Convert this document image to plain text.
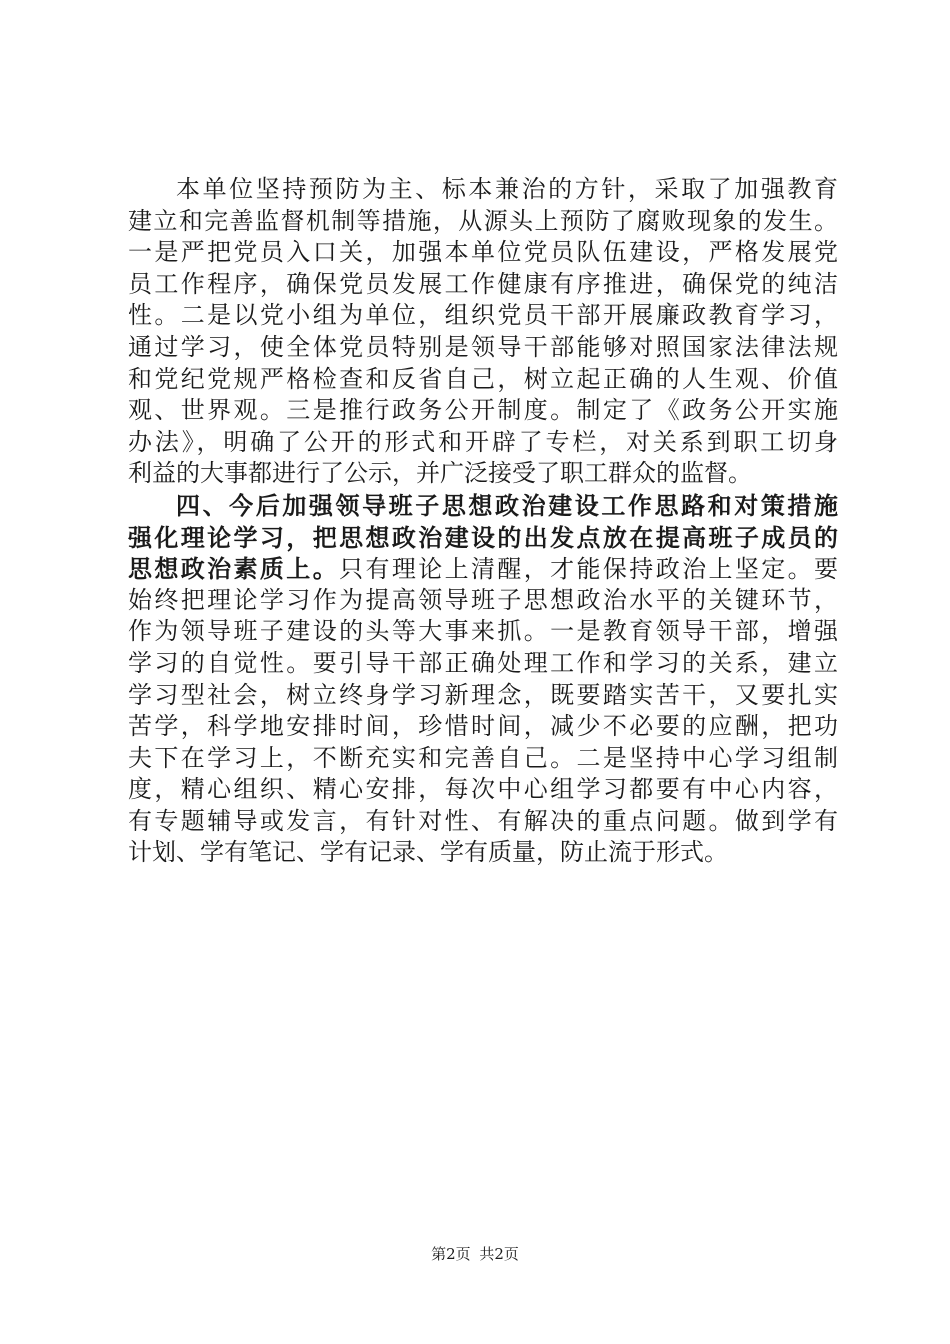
本单位坚持预防为主、标本兼治的方针，采取了加强教育
建立和完善监督机制等措施，从源头上预防了腐败现象的发生。
一是严把党员入口关，加强本单位党员队伍建设，严格发展党
员工作程序，确保党员发展工作健康有序推进，确保党的纯洁
性。二是以党小组为单位，组织党员干部开展廉政教育学习，
通过学习，使全体党员特别是领导干部能够对照国家法律法规
和党纪党规严格检查和反省自己，树立起正确的人生观、价值
观、世界观。三是推行政务公开制度。制定了《政务公开实施
办法》，明确了公开的形式和开辟了专栏，对关系到职工切身
利益的大事都进行了公示，并广泛接受了职工群众的监督。
四、今后加强领导班子思想政治建设工作思路和对策措施
强化理论学习，把思想政治建设的出发点放在提高班子成员的
思想政治素质上。只有理论上清醒，才能保持政治上坚定。要
始终把理论学习作为提高领导班子思想政治水平的关键环节，
作为领导班子建设的头等大事来抓。一是教育领导干部，增强
学习的自觉性。要引导干部正确处理工作和学习的关系，建立
学习型社会，树立终身学习新理念，既要踏实苦干，又要扎实
苦学，科学地安排时间，珍惜时间，减少不必要的应酬，把功
夫下在学习上，不断充实和完善自己。二是坚持中心学习组制
度，精心组织、精心安排，每次中心组学习都要有中心内容，
有专题辅导或发言，有针对性、有解决的重点问题。做到学有
计划、学有笔记、学有记录、学有质量，防止流于形式。
第2页 共2页
